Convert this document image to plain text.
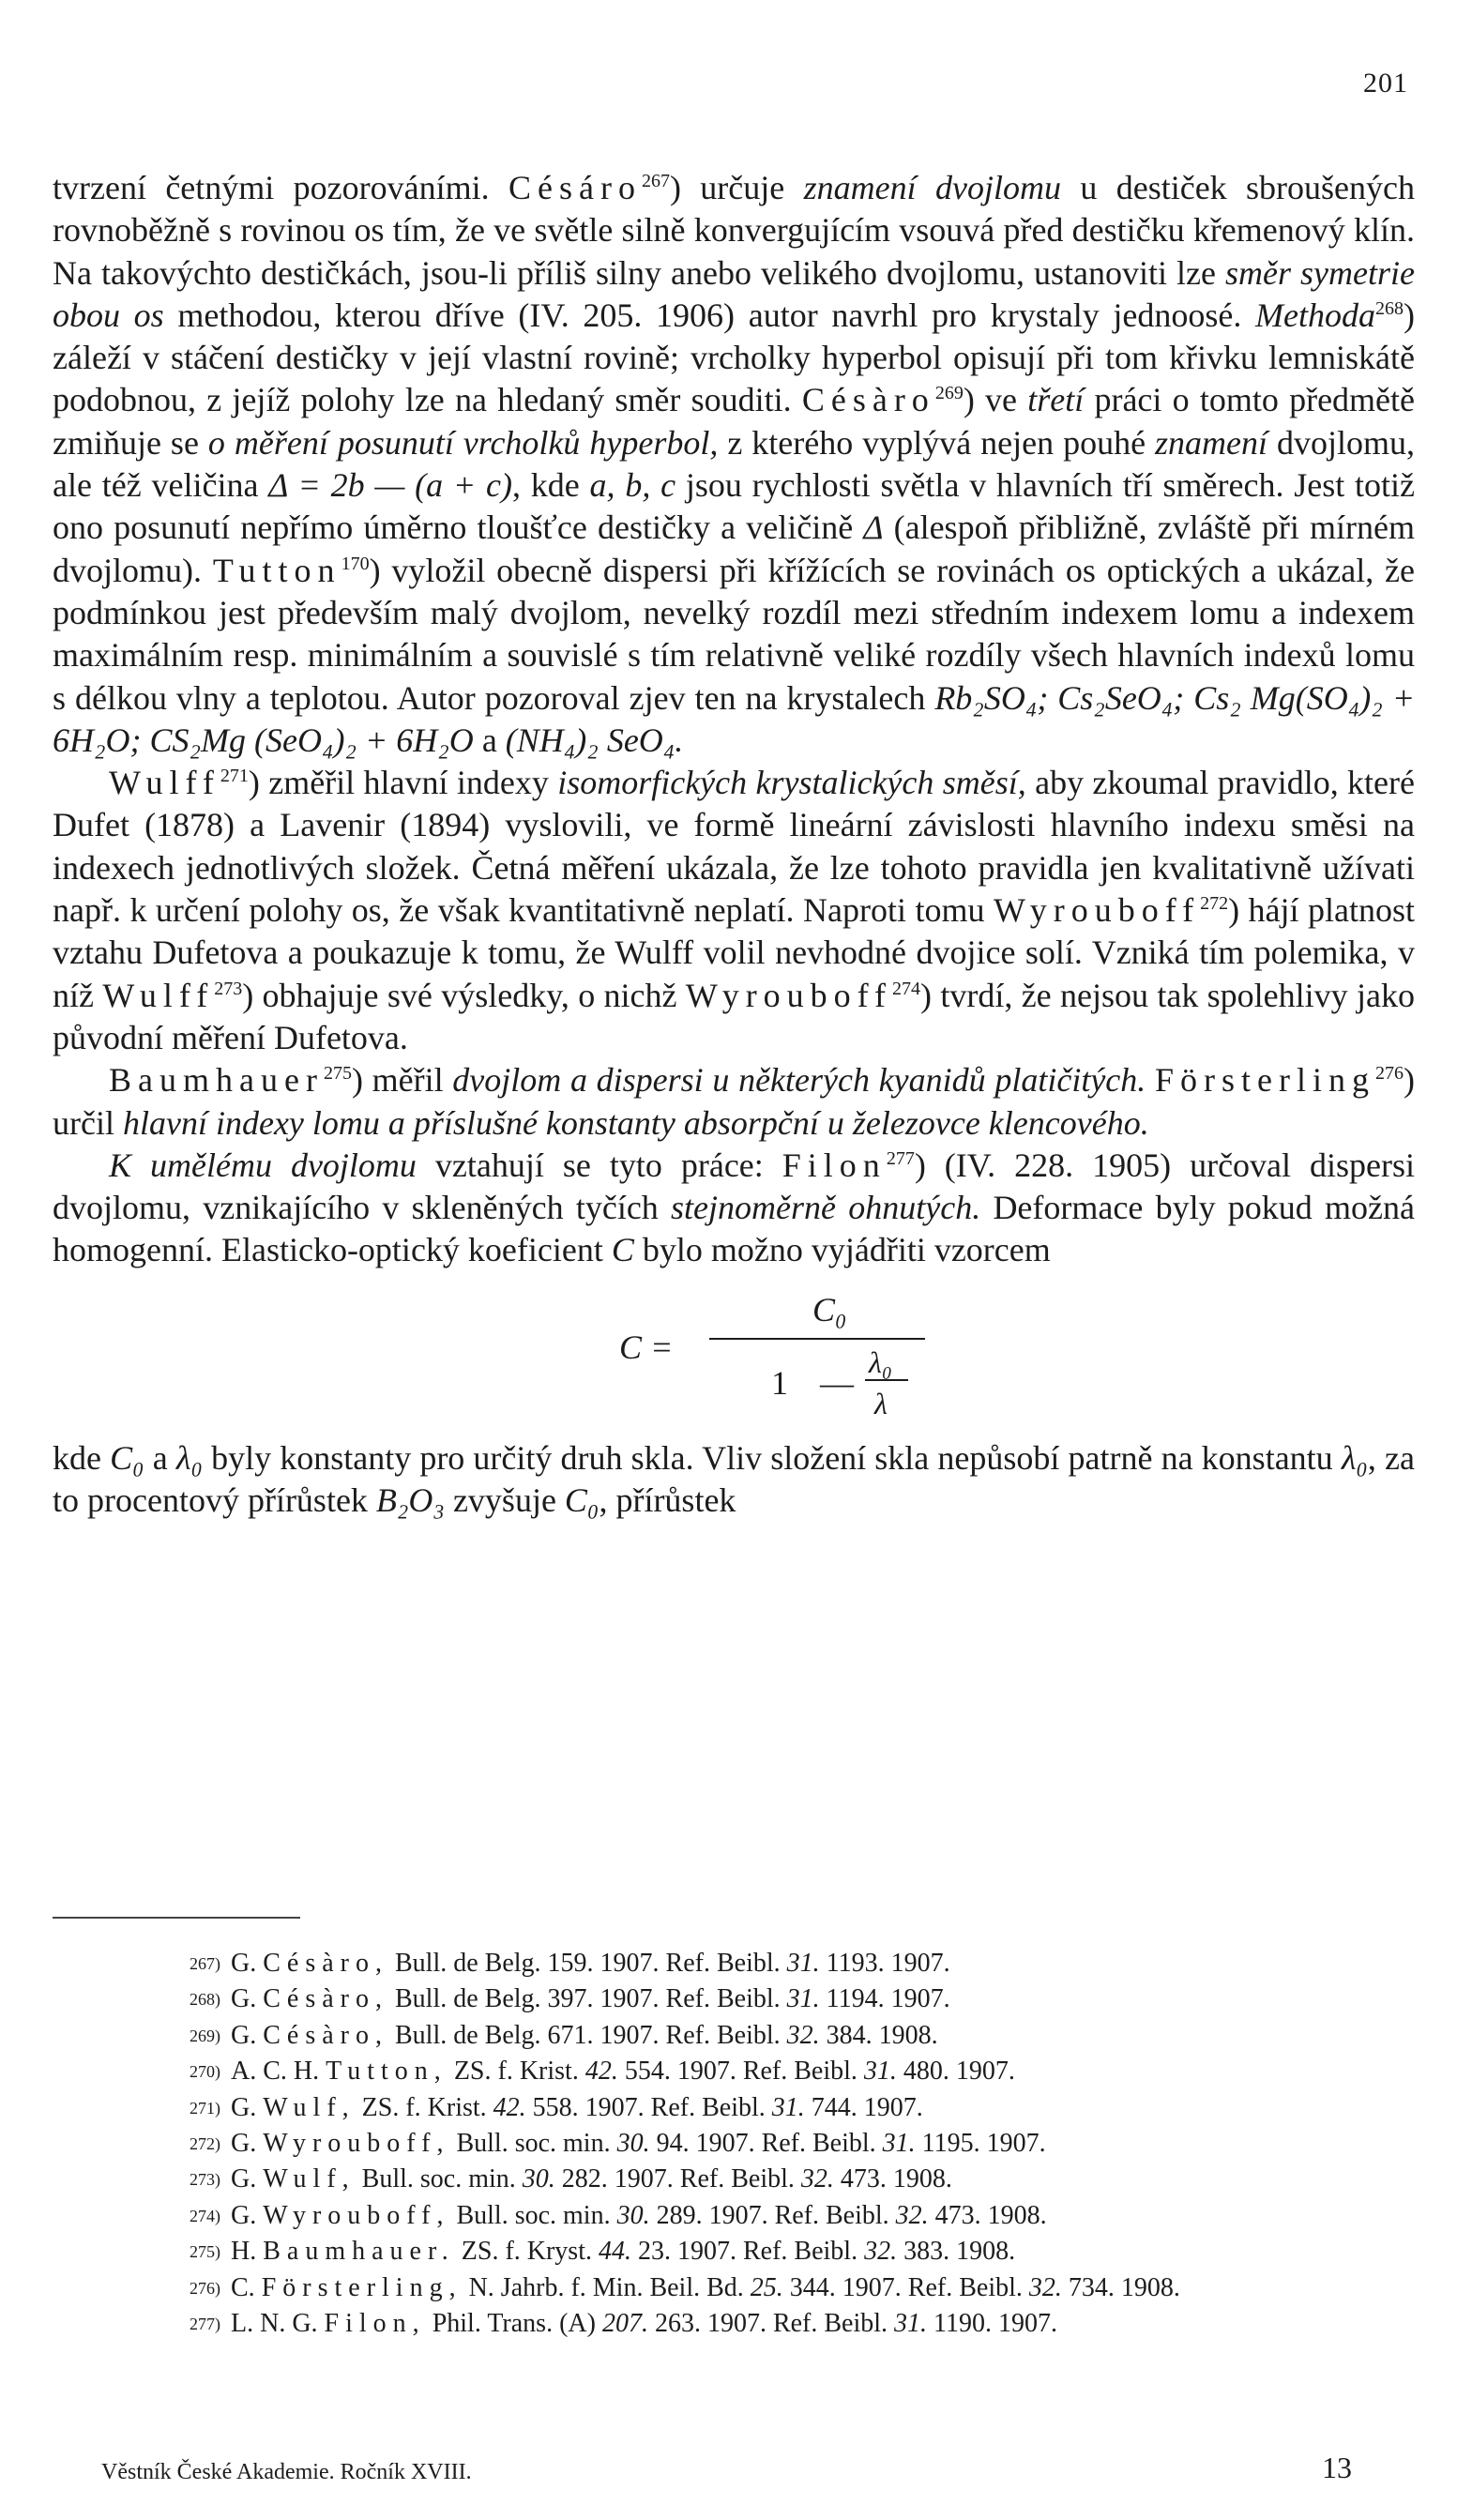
201

tvrzení četnými pozorováními. Césáro$^{267}$) určuje znamení dvojlomu u destiček sbroušených rovnoběžně s rovinou os tím, že ve světle silně konvergujícím vsouvá před destičku křemenový klín. Na takovýchto destičkách, jsou-li příliš silny anebo velikého dvojlomu, ustanoviti lze směr symetrie obou os methodou, kterou dříve (IV. 205. 1906) autor navrhl pro krystaly jednoosé. Methoda$^{268}$) záleží v stáčení destičky v její vlastní rovině; vrcholky hyperbol opisují při tom křivku lemniskátě podobnou, z jejíž polohy lze na hledaný směr souditi. Césàro$^{269}$) ve třetí práci o tomto předmětě zmiňuje se o měření posunutí vrcholků hyperbol, z kterého vyplývá nejen pouhé znamení dvojlomu, ale též veličina Δ = 2b — (a + c), kde a, b, c jsou rychlosti světla v hlavních tří směrech. Jest totiž ono posunutí nepřímo úměrno tloušťce destičky a veličině Δ (alespoň přibližně, zvláště při mírném dvojlomu). Tutton$^{170}$) vyložil obecně dispersi při křížících se rovinách os optických a ukázal, že podmínkou jest především malý dvojlom, nevelký rozdíl mezi středním indexem lomu a indexem maximálním resp. minimálním a souvislé s tím relativně veliké rozdíly všech hlavních indexů lomu s délkou vlny a teplotou. Autor pozoroval zjev ten na krystalech Rb₂SO₄; Cs₂SeO₄; Cs₂ Mg(SO₄)₂ + 6H₂O; CS₂Mg (SeO₄)₂ + 6H₂O a (NH₄)₂ SeO₄.

Wulff$^{271}$) změřil hlavní indexy isomorfických krystalických směsí, aby zkoumal pravidlo, které Dufet (1878) a Lavenir (1894) vyslovili, ve formě lineární závislosti hlavního indexu směsi na indexech jednotlivých složek. Četná měření ukázala, že lze tohoto pravidla jen kvalitativně užívati např. k určení polohy os, že však kvantitativně neplatí. Naproti tomu Wyrouboff$^{272}$) hájí platnost vztahu Dufetova a poukazuje k tomu, že Wulff volil nevhodné dvojice solí. Vzniká tím polemika, v níž Wulff$^{273}$) obhajuje své výsledky, o nichž Wyrouboff$^{274}$) tvrdí, že nejsou tak spolehlivy jako původní měření Dufetova.

Baumhauer$^{275}$) měřil dvojlom a dispersi u některých kyanidů platičitých. Försterling$^{276}$) určil hlavní indexy lomu a příslušné konstanty absorpční u železovce klencového.

K umělému dvojlomu vztahují se tyto práce: Filon$^{277}$) (IV. 228. 1905) určoval dispersi dvojlomu, vznikajícího v skleněných tyčích stejnoměrně ohnutých. Deformace byly pokud možná homogenní. Elasticko-optický koeficient C bylo možno vyjádřiti vzorcem

C =
C₀
1 —
λ₀
λ

kde C₀ a λ₀ byly konstanty pro určitý druh skla. Vliv složení skla nepůsobí patrně na konstantu λ₀, za to procentový přírůstek B₂O₃ zvyšuje C₀, přírůstek

267) G. Césàro, Bull. de Belg. 159. 1907. Ref. Beibl. 31. 1193. 1907.
268) G. Césàro, Bull. de Belg. 397. 1907. Ref. Beibl. 31. 1194. 1907.
269) G. Césàro, Bull. de Belg. 671. 1907. Ref. Beibl. 32. 384. 1908.
270) A. C. H. Tutton, ZS. f. Krist. 42. 554. 1907. Ref. Beibl. 31. 480. 1907.
271) G. Wulf, ZS. f. Krist. 42. 558. 1907. Ref. Beibl. 31. 744. 1907.
272) G. Wyrouboff, Bull. soc. min. 30. 94. 1907. Ref. Beibl. 31. 1195. 1907.
273) G. Wulf, Bull. soc. min. 30. 282. 1907. Ref. Beibl. 32. 473. 1908.
274) G. Wyrouboff, Bull. soc. min. 30. 289. 1907. Ref. Beibl. 32. 473. 1908.
275) H. Baumhauer. ZS. f. Kryst. 44. 23. 1907. Ref. Beibl. 32. 383. 1908.
276) C. Försterling, N. Jahrb. f. Min. Beil. Bd. 25. 344. 1907. Ref. Beibl. 32. 734. 1908.
277) L. N. G. Filon, Phil. Trans. (A) 207. 263. 1907. Ref. Beibl. 31. 1190. 1907.
Věstník České Akademie. Ročník XVIII.	13
